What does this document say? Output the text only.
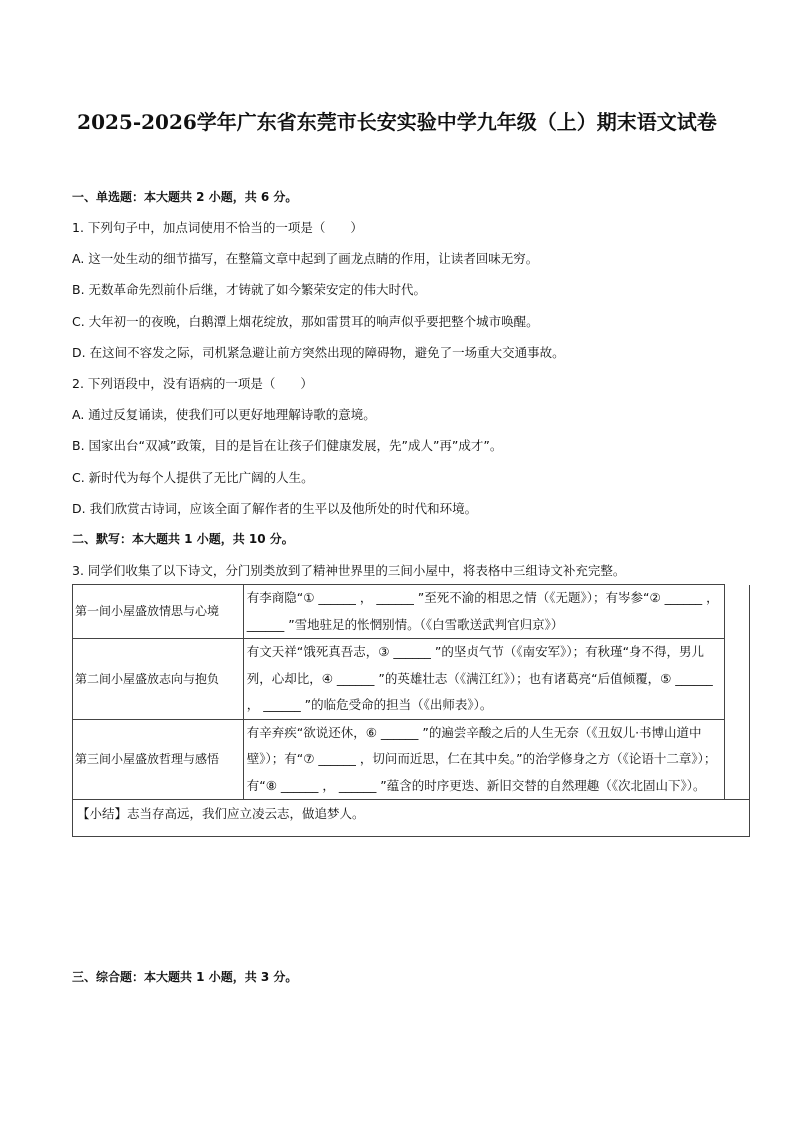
2025-2026学年广东省东莞市长安实验中学九年级（上）期末语文试卷
一、单选题：本大题共 2 小题，共 6 分。
1. 下列句子中，加点词使用不恰当的一项是（　　）
A. 这一处生动的细节描写，在整篇文章中起到了画龙点睛的作用，让读者回味无穷。
B. 无数革命先烈前仆后继，才铸就了如今繁荣安定的伟大时代。
C. 大年初一的夜晚，白鹅潭上烟花绽放，那如雷贯耳的响声似乎要把整个城市唤醒。
D. 在这间不容发之际，司机紧急避让前方突然出现的障碍物，避免了一场重大交通事故。
2. 下列语段中，没有语病的一项是（　　）
A. 通过反复诵读，使我们可以更好地理解诗歌的意境。
B. 国家出台“双减”政策，目的是旨在让孩子们健康发展，先”成人”再”成才”。
C. 新时代为每个人提供了无比广阔的人生。
D. 我们欣赏古诗词，应该全面了解作者的生平以及他所处的时代和环境。
二、默写：本大题共 1 小题，共 10 分。
3. 同学们收集了以下诗文，分门别类放到了精神世界里的三间小屋中，将表格中三组诗文补充完整。
第一间小屋盛放情思与心境	有李商隐“① ______ ， ______ ”至死不渝的相思之情（《无题》）；有岑参“② ______ ， ______ ”雪地驻足的怅惘别情。（《白雪歌送武判官归京》）	
第二间小屋盛放志向与抱负	有文天祥“饿死真吾志，③ ______ ”的坚贞气节（《南安军》）；有秋瑾“身不得，男儿列，心却比，④ ______ ”的英雄壮志（《满江红》）；也有诸葛亮“后值倾覆，⑤ ______ ， ______ ”的临危受命的担当（《出师表》）。	
第三间小屋盛放哲理与感悟	有辛弃疾“欲说还休，⑥ ______ ”的遍尝辛酸之后的人生无奈（《丑奴儿·书博山道中壁》）；有“⑦ ______ ，切问而近思，仁在其中矣。”的治学修身之方（《论语十二章》）；有“⑧ ______ ， ______ ”蕴含的时序更迭、新旧交替的自然理趣（《次北固山下》）。	
【小结】志当存高远，我们应立凌云志，做追梦人。		
三、综合题：本大题共 1 小题，共 3 分。
